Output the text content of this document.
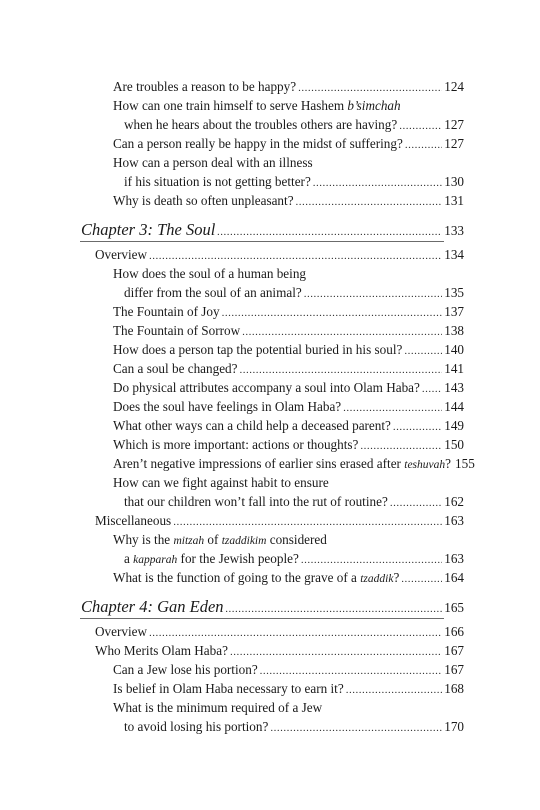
Are troubles a reason to be happy? .....	124
How can one train himself to serve Hashem b’simchah
when he hears about the troubles others are having? .....	127
Can a person really be happy in the midst of suffering? .....	127
How can a person deal with an illness
if his situation is not getting better? .....	130
Why is death so often unpleasant? .....	131
Chapter 3: The Soul .....	133
Overview .....	134
How does the soul of a human being
differ from the soul of an animal? .....	135
The Fountain of Joy .....	137
The Fountain of Sorrow .....	138
How does a person tap the potential buried in his soul? .....	140
Can a soul be changed? .....	141
Do physical attributes accompany a soul into Olam Haba? ..... 143
Does the soul have feelings in Olam Haba? .....	144
What other ways can a child help a deceased parent? .....	149
Which is more important: actions or thoughts? .....	150
Aren’t negative impressions of earlier sins erased after teshuvah? 155
How can we fight against habit to ensure
that our children won’t fall into the rut of routine? .....	162
Miscellaneous .....	163
Why is the mitzah of tzaddikim considered
a kapparah for the Jewish people? .....	163
What is the function of going to the grave of a tzaddik? .....	164
Chapter 4: Gan Eden .....	165
Overview .....	166
Who Merits Olam Haba? .....	167
Can a Jew lose his portion? .....	167
Is belief in Olam Haba necessary to earn it? .....	168
What is the minimum required of a Jew
to avoid losing his portion? .....	170
